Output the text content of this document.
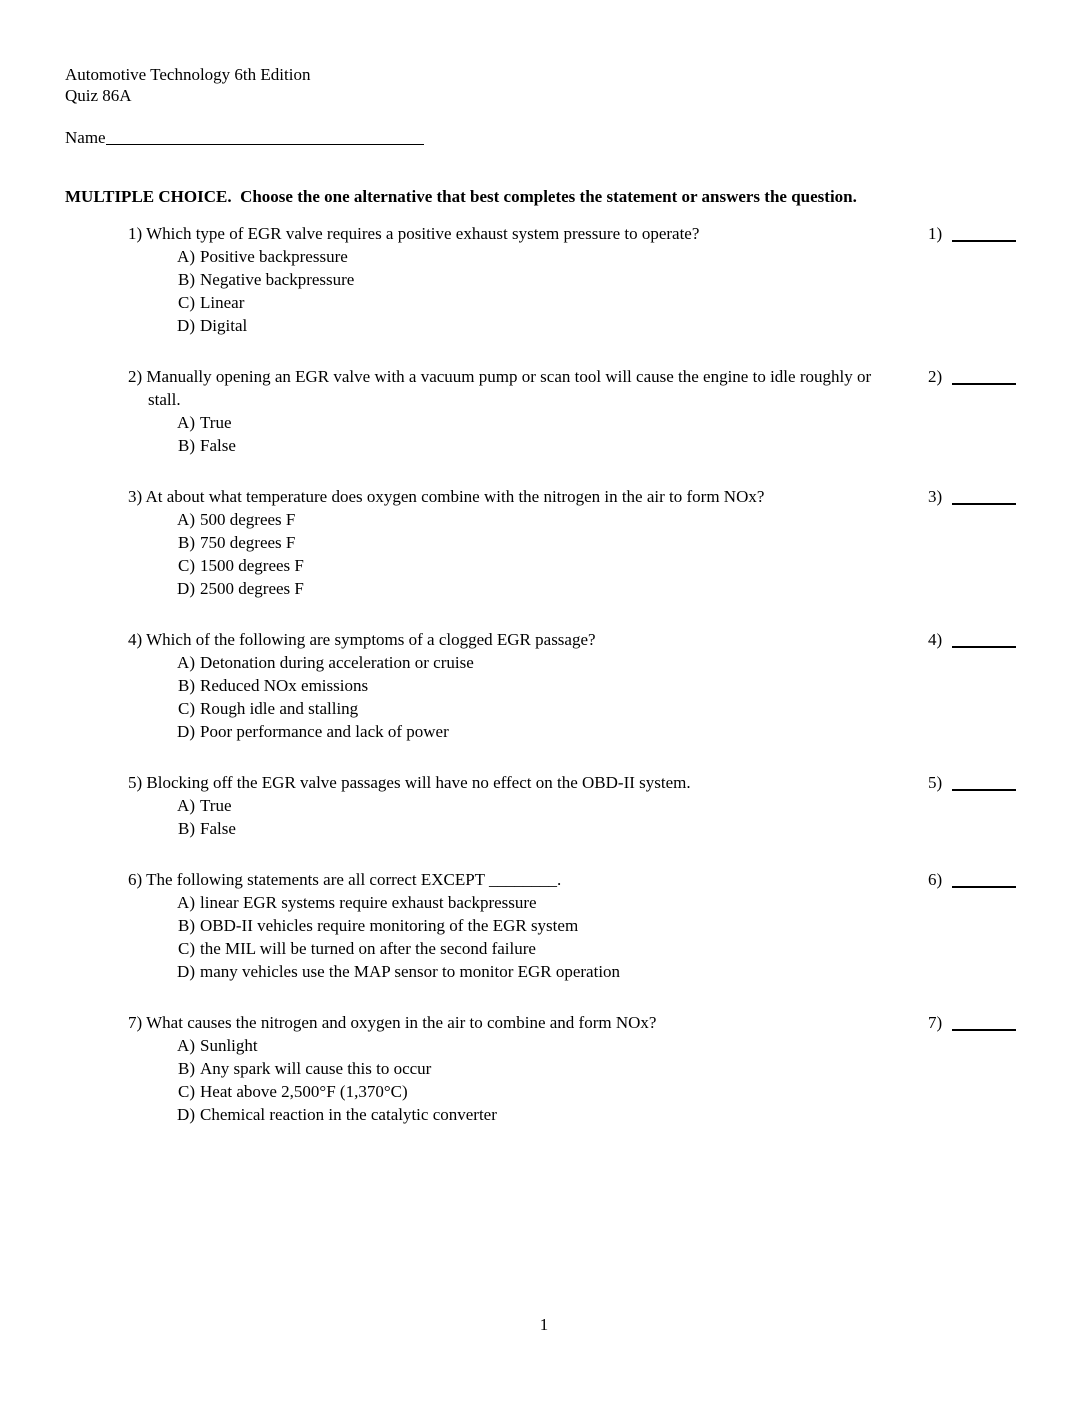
Automotive Technology 6th Edition
Quiz 86A
Name
MULTIPLE CHOICE.  Choose the one alternative that best completes the statement or answers the question.
1) Which type of EGR valve requires a positive exhaust system pressure to operate?
A) Positive backpressure
B) Negative backpressure
C) Linear
D) Digital
1)
2) Manually opening an EGR valve with a vacuum pump or scan tool will cause the engine to idle roughly or stall.
A) True
B) False
2)
3) At about what temperature does oxygen combine with the nitrogen in the air to form NOx?
A) 500 degrees F
B) 750 degrees F
C) 1500 degrees F
D) 2500 degrees F
3)
4) Which of the following are symptoms of a clogged EGR passage?
A) Detonation during acceleration or cruise
B) Reduced NOx emissions
C) Rough idle and stalling
D) Poor performance and lack of power
4)
5) Blocking off the EGR valve passages will have no effect on the OBD-II system.
A) True
B) False
5)
6) The following statements are all correct EXCEPT ________.
A) linear EGR systems require exhaust backpressure
B) OBD-II vehicles require monitoring of the EGR system
C) the MIL will be turned on after the second failure
D) many vehicles use the MAP sensor to monitor EGR operation
6)
7) What causes the nitrogen and oxygen in the air to combine and form NOx?
A) Sunlight
B) Any spark will cause this to occur
C) Heat above 2,500°F (1,370°C)
D) Chemical reaction in the catalytic converter
7)
1
